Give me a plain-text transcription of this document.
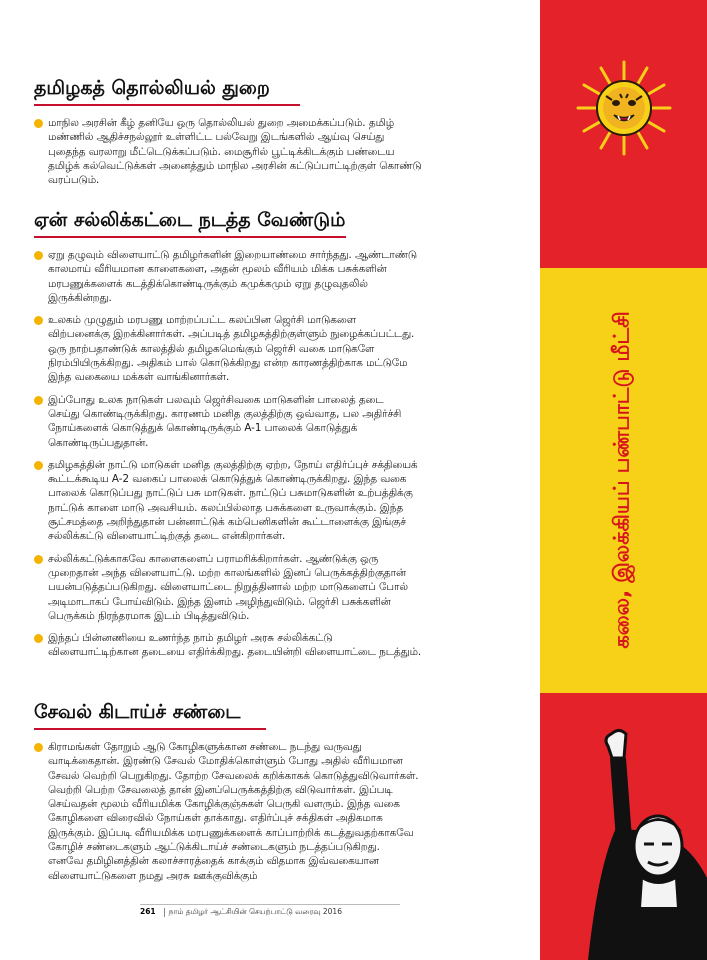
தமிழகத் தொல்லியல் துறை
மாநில அரசின் கீழ் தனியே ஒரு தொல்லியல் துறை அமைக்கப்படும். தமிழ்
மண்ணில் ஆதிச்சநல்லூர் உள்ளிட்ட பல்வேறு இடங்களில் ஆய்வு செய்து
புதைந்த வரலாறு மீட்டெடுக்கப்படும். மைசூரில் பூட்டிக்கிடக்கும் பண்டைய
தமிழ்க் கல்வெட்டுக்கள் அனைத்தும் மாநில அரசின் கட்டுப்பாட்டிற்குள் கொண்டு
வரப்படும்.
ஏன் சல்லிக்கட்டை நடத்த வேண்டும்
ஏறு தழுவும் விளையாட்டு தமிழர்களின் இறையாண்மை சார்ந்தது. ஆண்டாண்டு
காலமாய் வீரியமான காளைகளை, அதன் மூலம் வீரியம் மிக்க பசுக்களின்
மரபணுக்களைக் கடத்திக்கொண்டிருக்கும் கமுக்கமும் ஏறு தழுவுதலில்
இருக்கின்றது.
உலகம் முழுதும் மரபணு மாற்றப்பட்ட கலப்பின ஜெர்சி மாடுகளை
விற்பனைக்கு இறக்கினார்கள். அப்படித் தமிழகத்திற்குள்ளும் நுழைக்கப்பட்டது.
ஒரு நாற்பதாண்டுக் காலத்தில் தமிழகமெங்கும் ஜெர்சி வகை மாடுகளே
நிரம்பியிருக்கிறது. அதிகம் பால் கொடுக்கிறது என்ற காரணத்திற்காக மட்டுமே
இந்த வகையை மக்கள் வாங்கினார்கள்.
இப்போது உலக நாடுகள் பலவும் ஜெர்சிவகை மாடுகளின் பாலைத் தடை
செய்து கொண்டிருக்கிறது. காரணம் மனித குலத்திற்கு ஒவ்வாத, பல அதிர்ச்சி
நோய்களைக் கொடுத்துக் கொண்டிருக்கும் A-1 பாலைக் கொடுத்துக்
கொண்டிருப்பதுதான்.
தமிழகத்தின் நாட்டு மாடுகள் மனித குலத்திற்கு ஏற்ற, நோய் எதிர்ப்புச் சக்தியைக்
கூட்டக்கூடிய A-2 வகைப் பாலைக் கொடுத்துக் கொண்டிருக்கிறது. இந்த வகை
பாலைக் கொடுப்பது நாட்டுப் பசு மாடுகள். நாட்டுப் பசுமாடுகளின் உற்பத்திக்கு
நாட்டுக் காளை மாடு அவசியம். கலப்பில்லாத பசுக்களை உருவாக்கும். இந்த
சூட்சமத்தை அறிந்துதான் பன்னாட்டுக் கம்பெனிகளின் கூட்டாளைக்கு இங்குச்
சல்லிக்கட்டு விளையாட்டிற்குத் தடை என்கிறார்கள்.
சல்லிக்கட்டுக்காகவே காளைகளைப் பராமரிக்கிறார்கள். ஆண்டுக்கு ஒரு
முறைதான் அந்த விளையாட்டு. மற்ற காலங்களில் இனப் பெருக்கத்திற்குதான்
பயன்படுத்தப்படுகிறது. விளையாட்டை நிறுத்தினால் மற்ற மாடுகளைப் போல்
அடிமாடாகப் போய்விடும். இந்த இனம் அழிந்துவிடும். ஜெர்சி பசுக்களின்
பெருக்கம் நிரந்தரமாக இடம் பிடித்துவிடும்.
இந்தப் பின்னணியை உணர்ந்த நாம் தமிழர் அரசு சல்லிக்கட்டு
விளையாட்டிற்கான தடையை எதிர்க்கிறது. தடையின்றி விளையாட்டை நடத்தும்.
சேவல் கிடாய்ச் சண்டை
கிராமங்கள் தோறும் ஆடு கோழிகளுக்கான சண்டை நடந்து வருவது
வாடிக்கைதான். இரண்டு சேவல் மோதிக்கொள்ளும் போது அதில் வீரியமான
சேவல் வெற்றி பெறுகிறது. தோற்ற சேவலைக் கறிக்காகக் கொடுத்துவிடுவார்கள்.
வெற்றி பெற்ற சேவலைத் தான் இனப்பெருக்கத்திற்கு விடுவார்கள். இப்படி
செய்வதன் மூலம் வீரியமிக்க கோழிக்குஞ்சுகள் பெருகி வளரும். இந்த வகை
கோழிகளை விரைவில் நோய்கள் தாக்காது. எதிர்ப்புச் சக்திகள் அதிகமாக
இருக்கும். இப்படி வீரியமிக்க மரபணுக்களைக் காப்பாற்றிக் கடத்துவதற்காகவே
கோழிச் சண்டைகளும் ஆட்டுக்கிடாய்ச் சண்டைகளும் நடத்தப்படுகிறது.
எனவே தமிழினத்தின் கலாச்சாரத்தைக் காக்கும் விதமாக இவ்வகையான
விளையாட்டுகளை நமது அரசு ஊக்குவிக்கும்
261 நாம் தமிழர் ஆட்சியின் செயற்பாட்டு வரைவு 2016
கலை, இலக்கியப் பண்பாட்டு மீட்சி
